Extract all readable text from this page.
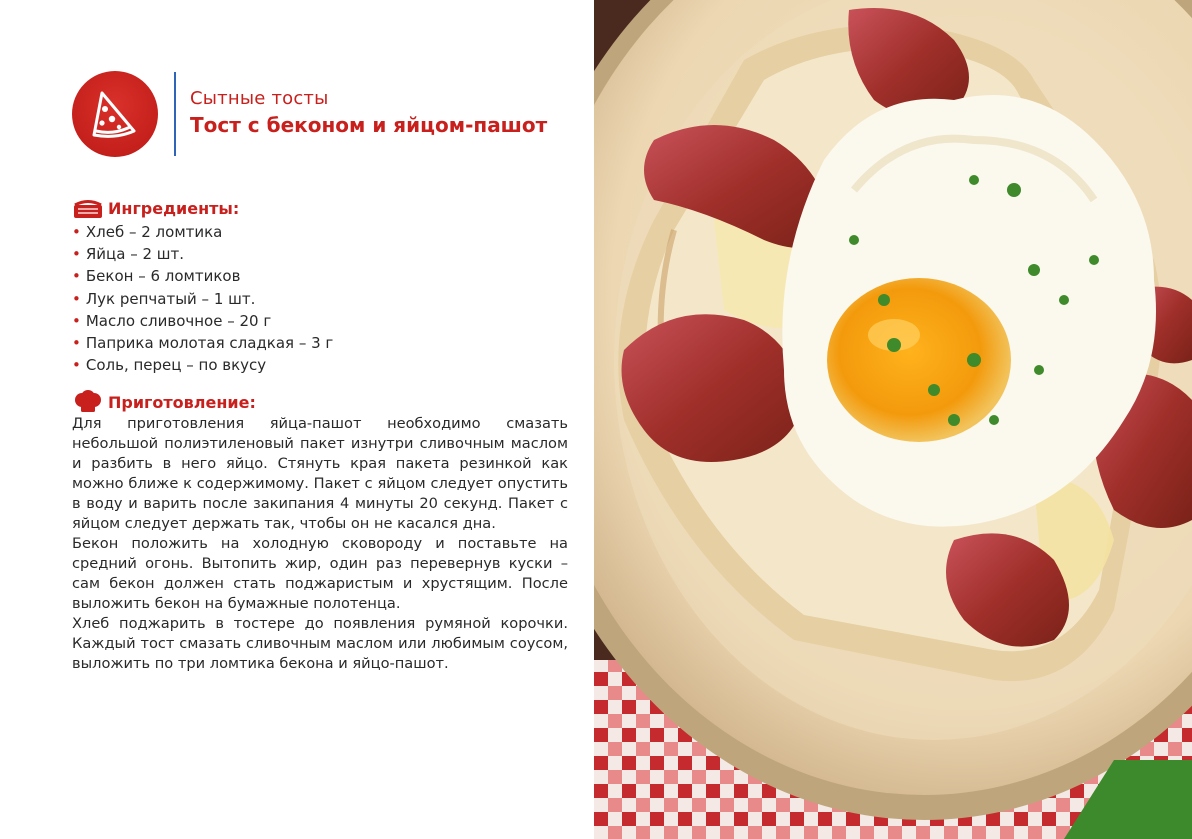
Сытные тосты
Тост с беконом и яйцом-пашот
Ингредиенты:
• Хлеб – 2 ломтика
• Яйца – 2 шт.
• Бекон – 6 ломтиков
• Лук репчатый – 1 шт.
• Масло сливочное – 20 г
• Паприка молотая сладкая – 3 г
• Соль, перец – по вкусу
Приготовление:

Для приготовления яйца-пашот необходимо смазать небольшой полиэтиленовый пакет изнутри сливочным маслом и разбить в него яйцо. Стянуть края пакета резинкой как можно ближе к содержимому. Пакет с яйцом следует опустить в воду и варить после закипания 4 минуты 20 секунд. Пакет с яйцом следует держать так, чтобы он не касался дна.

Бекон положить на холодную сковороду и поставьте на средний огонь. Вытопить жир, один раз перевернув куски – сам бекон должен стать поджаристым и хрустящим. После выложить бекон на бумажные полотенца.

Хлеб поджарить в тостере до появления румяной корочки. Каждый тост смазать сливочным маслом или любимым соусом, выложить по три ломтика бекона и яйцо-пашот.
